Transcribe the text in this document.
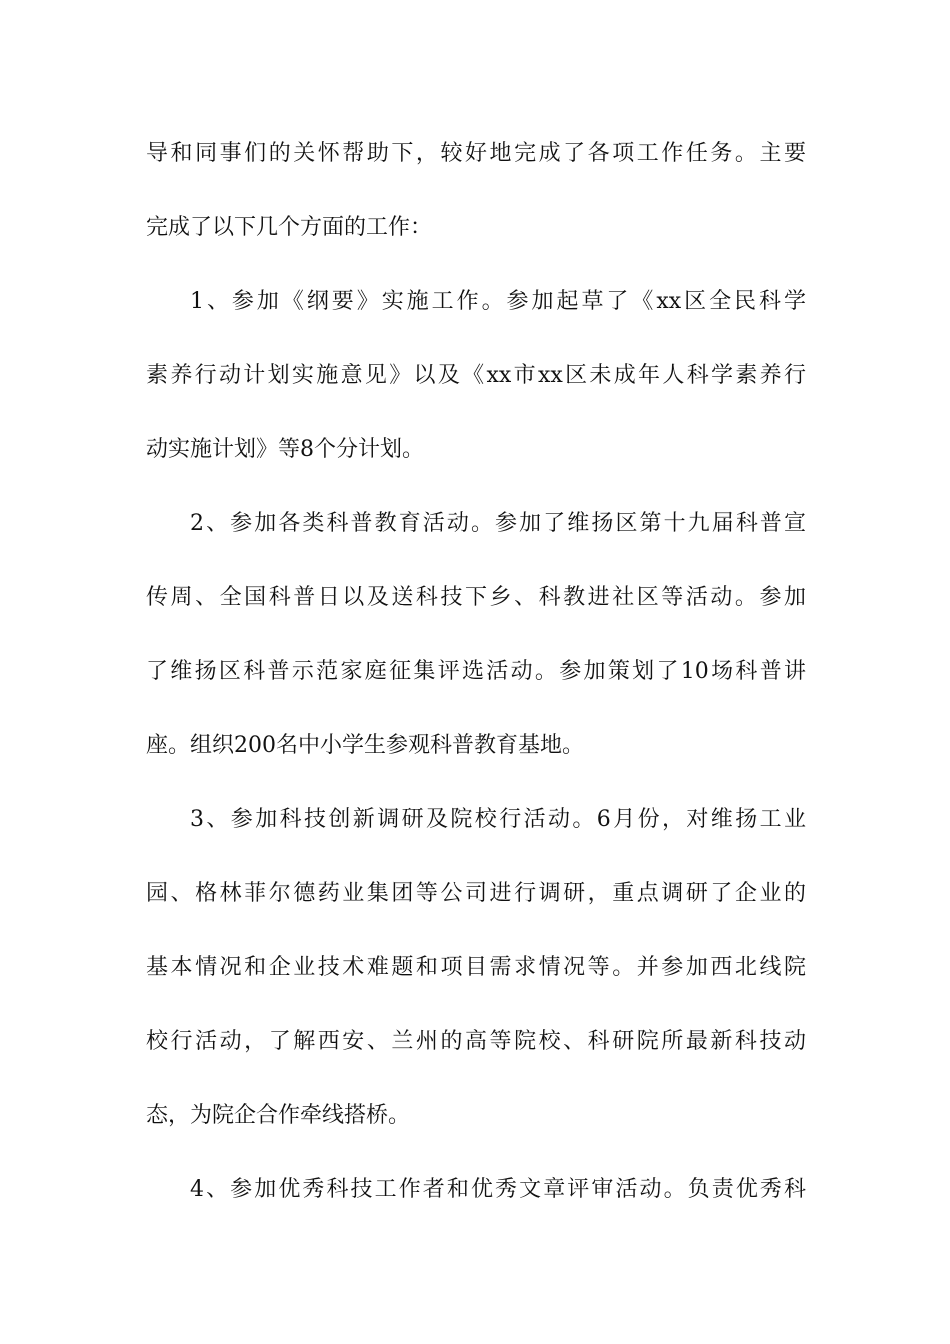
导和同事们的关怀帮助下，较好地完成了各项工作任务。主要
完成了以下几个方面的工作：
1、参加《纲要》实施工作。参加起草了《xx区全民科学
素养行动计划实施意见》以及《xx市xx区未成年人科学素养行
动实施计划》等8个分计划。
2、参加各类科普教育活动。参加了维扬区第十九届科普宣
传周、全国科普日以及送科技下乡、科教进社区等活动。参加
了维扬区科普示范家庭征集评选活动。参加策划了10场科普讲
座。组织200名中小学生参观科普教育基地。
3、参加科技创新调研及院校行活动。6月份，对维扬工业
园、格林菲尔德药业集团等公司进行调研，重点调研了企业的
基本情况和企业技术难题和项目需求情况等。并参加西北线院
校行活动，了解西安、兰州的高等院校、科研院所最新科技动
态，为院企合作牵线搭桥。
4、参加优秀科技工作者和优秀文章评审活动。负责优秀科
